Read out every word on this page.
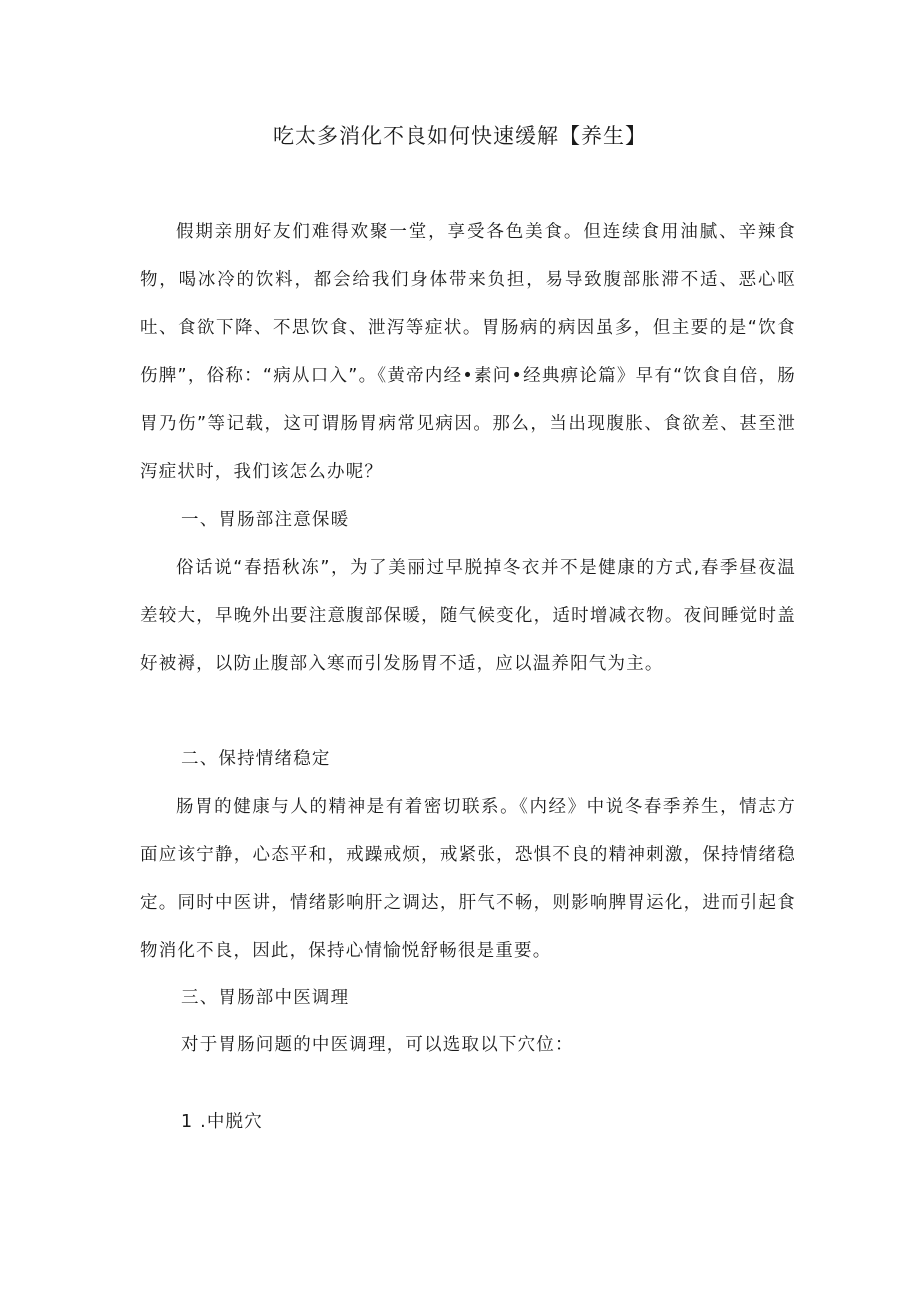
吃太多消化不良如何快速缓解【养生】

假期亲朋好友们难得欢聚一堂，享受各色美食。但连续食用油腻、辛辣食物，喝冰冷的饮料，都会给我们身体带来负担，易导致腹部胀滞不适、恶心呕吐、食欲下降、不思饮食、泄泻等症状。胃肠病的病因虽多，但主要的是“饮食伤脾”，俗称：“病从口入”。《黄帝内经•素问•经典痹论篇》早有“饮食自倍，肠胃乃伤”等记载，这可谓肠胃病常见病因。那么，当出现腹胀、食欲差、甚至泄泻症状时，我们该怎么办呢？

一、胃肠部注意保暖

俗话说“春捂秋冻”，为了美丽过早脱掉冬衣并不是健康的方式,春季昼夜温差较大，早晚外出要注意腹部保暖，随气候变化，适时增减衣物。夜间睡觉时盖好被褥，以防止腹部入寒而引发肠胃不适，应以温养阳气为主。

二、保持情绪稳定

肠胃的健康与人的精神是有着密切联系。《内经》中说冬春季养生，情志方面应该宁静，心态平和，戒躁戒烦，戒紧张，恐惧不良的精神刺激，保持情绪稳定。同时中医讲，情绪影响肝之调达，肝气不畅，则影响脾胃运化，进而引起食物消化不良，因此，保持心情愉悦舒畅很是重要。

三、胃肠部中医调理

对于胃肠问题的中医调理，可以选取以下穴位：

1 .中脱穴
